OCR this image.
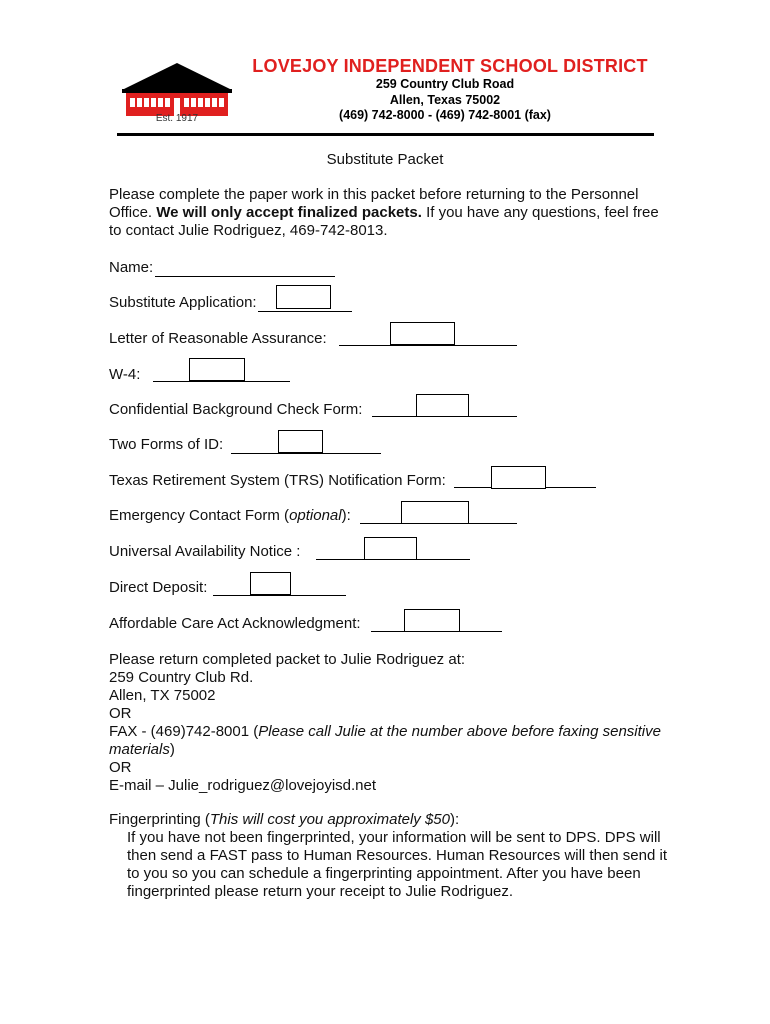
Est. 1917
LOVEJOY INDEPENDENT SCHOOL DISTRICT
259 Country Club Road
Allen, Texas 75002
(469) 742-8000 - (469) 742-8001 (fax)
Substitute Packet
Please complete the paper work in this packet before returning to the Personnel Office. We will only accept finalized packets. If you have any questions, feel free to contact Julie Rodriguez, 469-742-8013.
Name:
Substitute Application:
Letter of Reasonable Assurance:
W-4:
Confidential Background Check Form:
Two Forms of ID:
Texas Retirement System (TRS) Notification Form:
Emergency Contact Form (optional):
Universal Availability Notice :
Direct Deposit:
Affordable Care Act Acknowledgment:
Please return completed packet to Julie Rodriguez at:
259 Country Club Rd.
Allen, TX 75002
OR
FAX - (469)742-8001 (Please call Julie at the number above before faxing sensitive materials)
OR
E-mail – Julie_rodriguez@lovejoyisd.net
Fingerprinting (This will cost you approximately $50):
If you have not been fingerprinted, your information will be sent to DPS. DPS will then send a FAST pass to Human Resources. Human Resources will then send it to you so you can schedule a fingerprinting appointment. After you have been fingerprinted please return your receipt to Julie Rodriguez.
